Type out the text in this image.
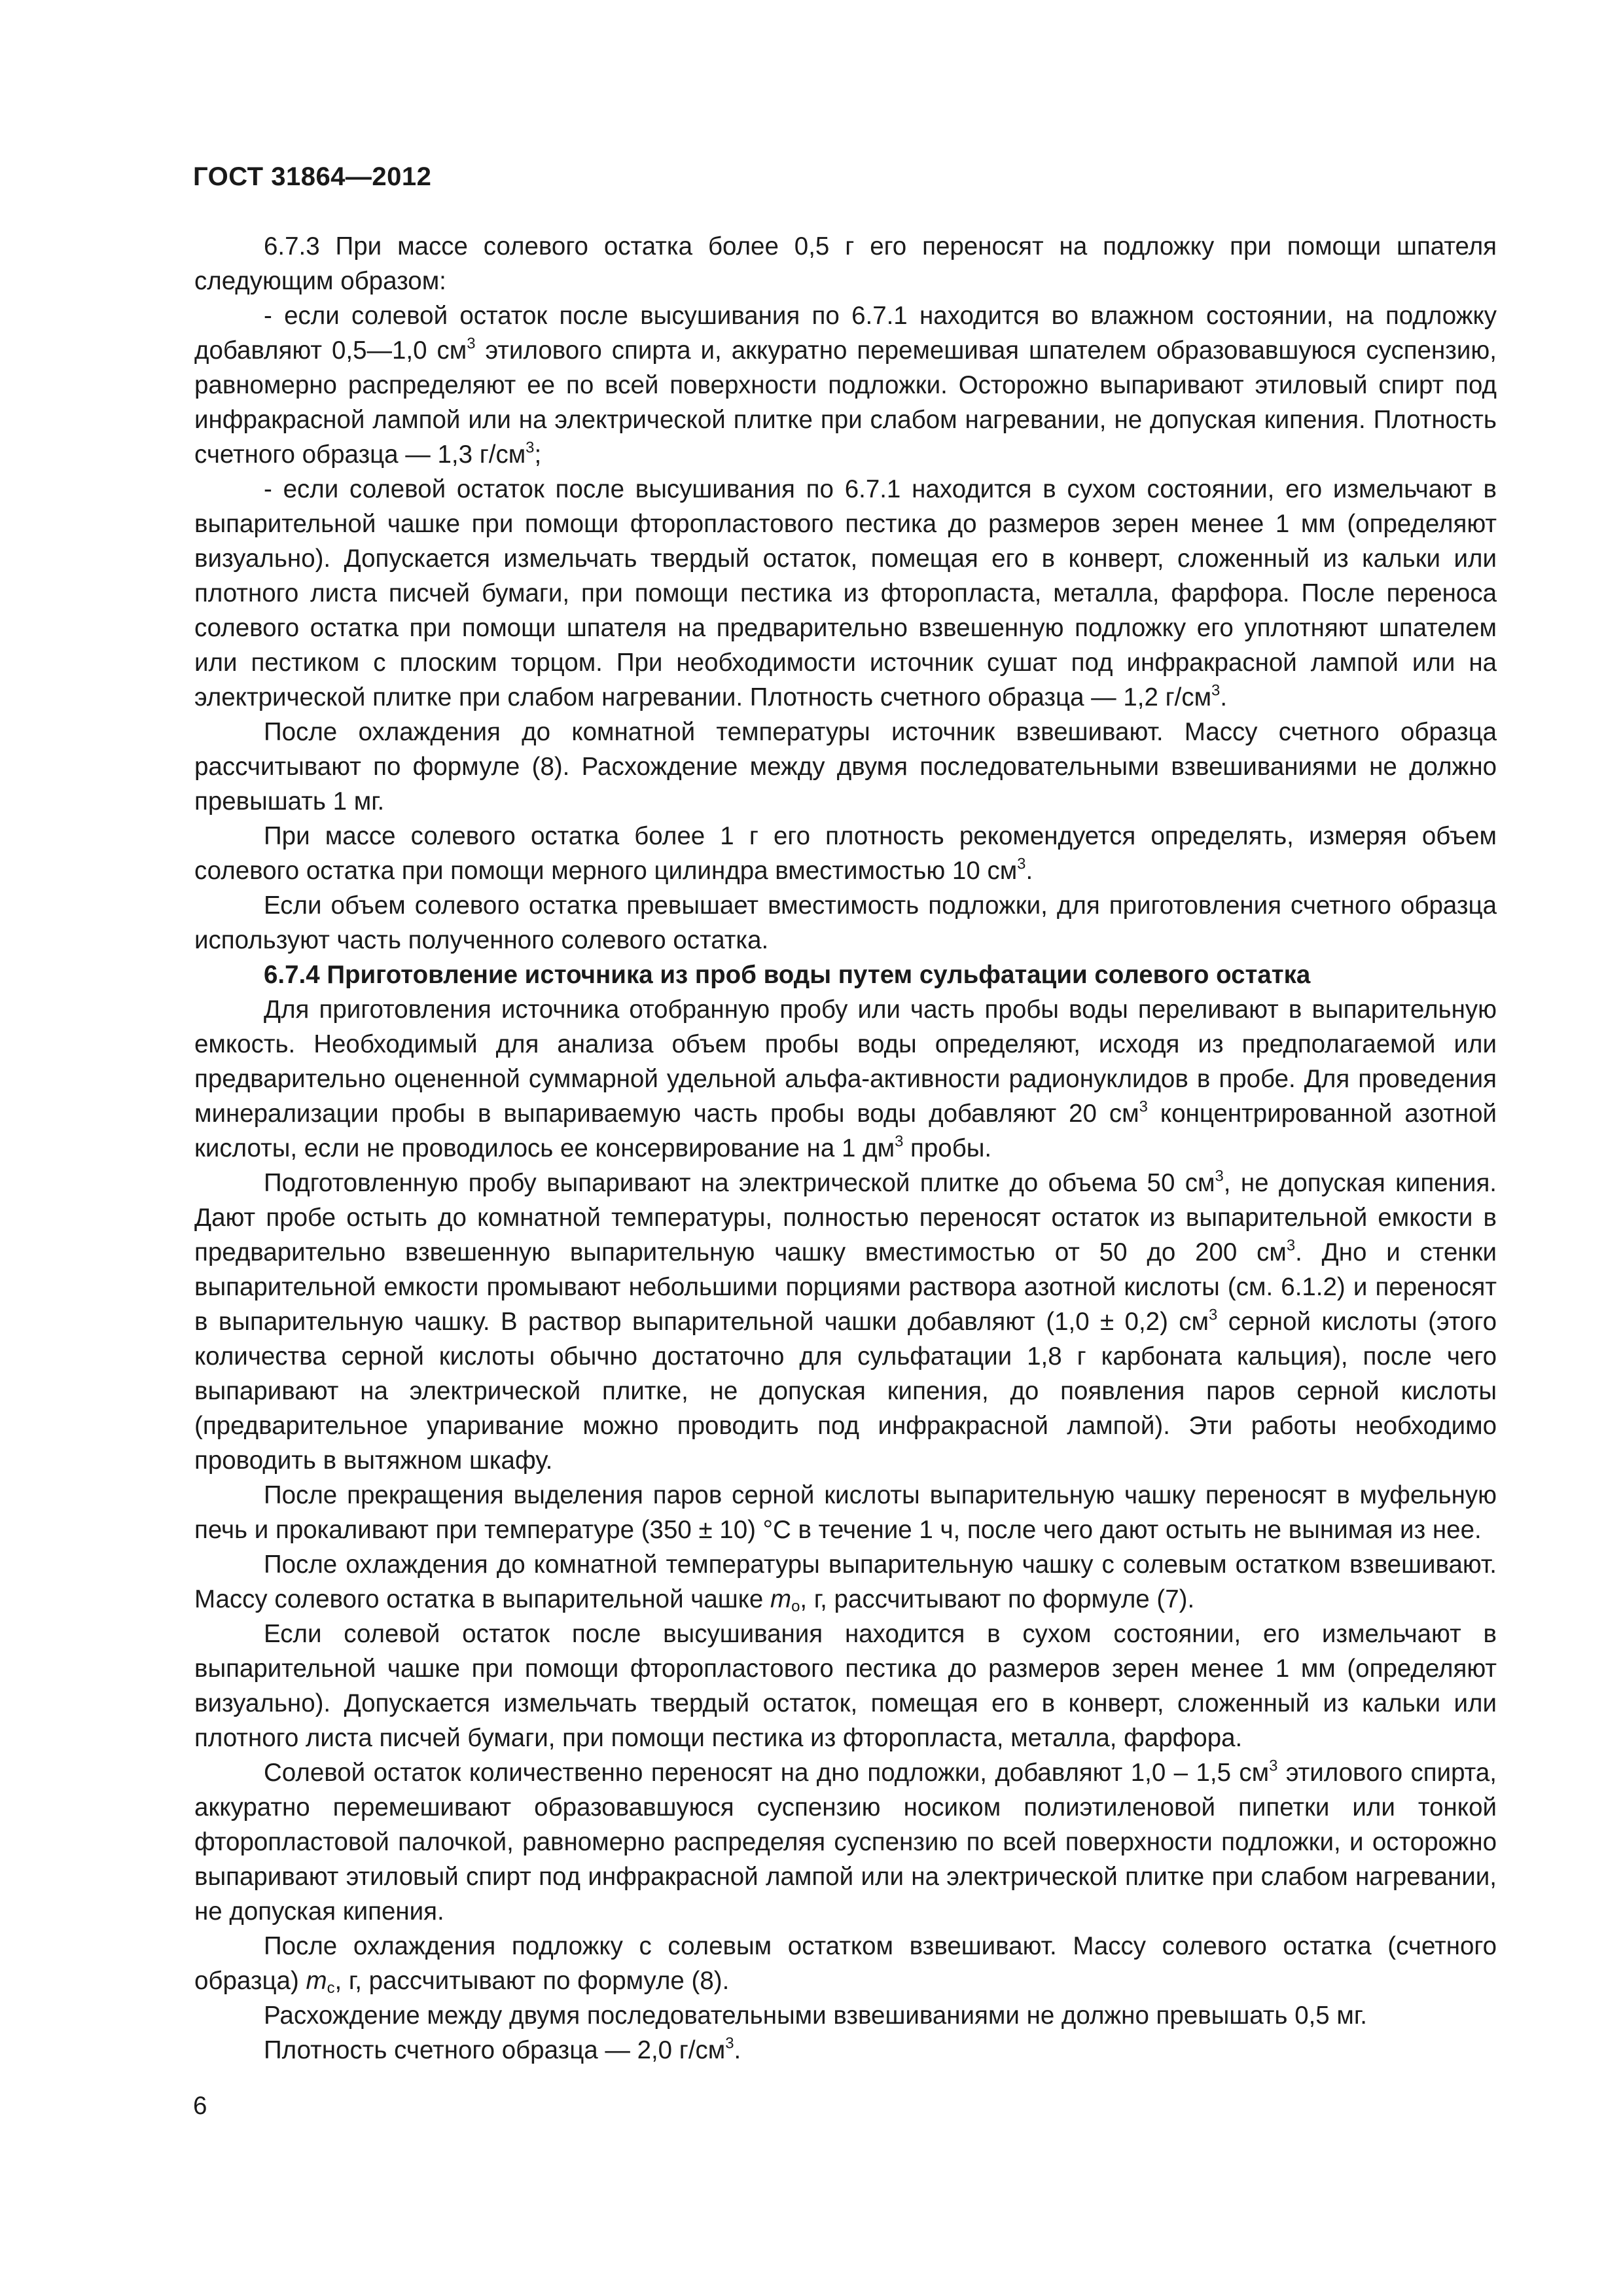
ГОСТ 31864—2012

6.7.3 При массе солевого остатка более 0,5 г его переносят на подложку при помощи шпателя следующим образом:

- если солевой остаток после высушивания по 6.7.1 находится во влажном состоянии, на подложку добавляют 0,5—1,0 $см^3$ этилового спирта и, аккуратно перемешивая шпателем образовавшуюся суспензию, равномерно распределяют ее по всей поверхности подложки. Осторожно выпаривают этиловый спирт под инфракрасной лампой или на электрической плитке при слабом нагревании, не допуская кипения. Плотность счетного образца — 1,3 $г/см^3$;

- если солевой остаток после высушивания по 6.7.1 находится в сухом состоянии, его измельчают в выпарительной чашке при помощи фторопластового пестика до размеров зерен менее 1 мм (определяют визуально). Допускается измельчать твердый остаток, помещая его в конверт, сложенный из кальки или плотного листа писчей бумаги, при помощи пестика из фторопласта, металла, фарфора. После переноса солевого остатка при помощи шпателя на предварительно взвешенную подложку его уплотняют шпателем или пестиком с плоским торцом. При необходимости источник сушат под инфракрасной лампой или на электрической плитке при слабом нагревании. Плотность счетного образца — 1,2 $г/см^3$.

После охлаждения до комнатной температуры источник взвешивают. Массу счетного образца рассчитывают по формуле (8). Расхождение между двумя последовательными взвешиваниями не должно превышать 1 мг.

При массе солевого остатка более 1 г его плотность рекомендуется определять, измеряя объем солевого остатка при помощи мерного цилиндра вместимостью 10 $см^3$.

Если объем солевого остатка превышает вместимость подложки, для приготовления счетного образца используют часть полученного солевого остатка.

6.7.4 Приготовление источника из проб воды путем сульфатации солевого остатка

Для приготовления источника отобранную пробу или часть пробы воды переливают в выпарительную емкость. Необходимый для анализа объем пробы воды определяют, исходя из предполагаемой или предварительно оцененной суммарной удельной альфа-активности радионуклидов в пробе. Для проведения минерализации пробы в выпариваемую часть пробы воды добавляют 20 $см^3$ концентрированной азотной кислоты, если не проводилось ее консервирование на 1 $дм^3$ пробы.

Подготовленную пробу выпаривают на электрической плитке до объема 50 $см^3$, не допуская кипения. Дают пробе остыть до комнатной температуры, полностью переносят остаток из выпарительной емкости в предварительно взвешенную выпарительную чашку вместимостью от 50 до 200 $см^3$. Дно и стенки выпарительной емкости промывают небольшими порциями раствора азотной кислоты (см. 6.1.2) и переносят в выпарительную чашку. В раствор выпарительной чашки добавляют (1,0 ± 0,2) $см^3$ серной кислоты (этого количества серной кислоты обычно достаточно для сульфатации 1,8 г карбоната кальция), после чего выпаривают на электрической плитке, не допуская кипения, до появления паров серной кислоты (предварительное упаривание можно проводить под инфракрасной лампой). Эти работы необходимо проводить в вытяжном шкафу.

После прекращения выделения паров серной кислоты выпарительную чашку переносят в муфельную печь и прокаливают при температуре (350 ± 10) °С в течение 1 ч, после чего дают остыть не вынимая из нее.

После охлаждения до комнатной температуры выпарительную чашку с солевым остатком взвешивают. Массу солевого остатка в выпарительной чашке $m_о$, г, рассчитывают по формуле (7).

Если солевой остаток после высушивания находится в сухом состоянии, его измельчают в выпарительной чашке при помощи фторопластового пестика до размеров зерен менее 1 мм (определяют визуально). Допускается измельчать твердый остаток, помещая его в конверт, сложенный из кальки или плотного листа писчей бумаги, при помощи пестика из фторопласта, металла, фарфора.

Солевой остаток количественно переносят на дно подложки, добавляют 1,0 – 1,5 $см^3$ этилового спирта, аккуратно перемешивают образовавшуюся суспензию носиком полиэтиленовой пипетки или тонкой фторопластовой палочкой, равномерно распределяя суспензию по всей поверхности подложки, и осторожно выпаривают этиловый спирт под инфракрасной лампой или на электрической плитке при слабом нагревании, не допуская кипения.

После охлаждения подложку с солевым остатком взвешивают. Массу солевого остатка (счетного образца) $m_с$, г, рассчитывают по формуле (8).

Расхождение между двумя последовательными взвешиваниями не должно превышать 0,5 мг.

Плотность счетного образца — 2,0 $г/см^3$.

6
